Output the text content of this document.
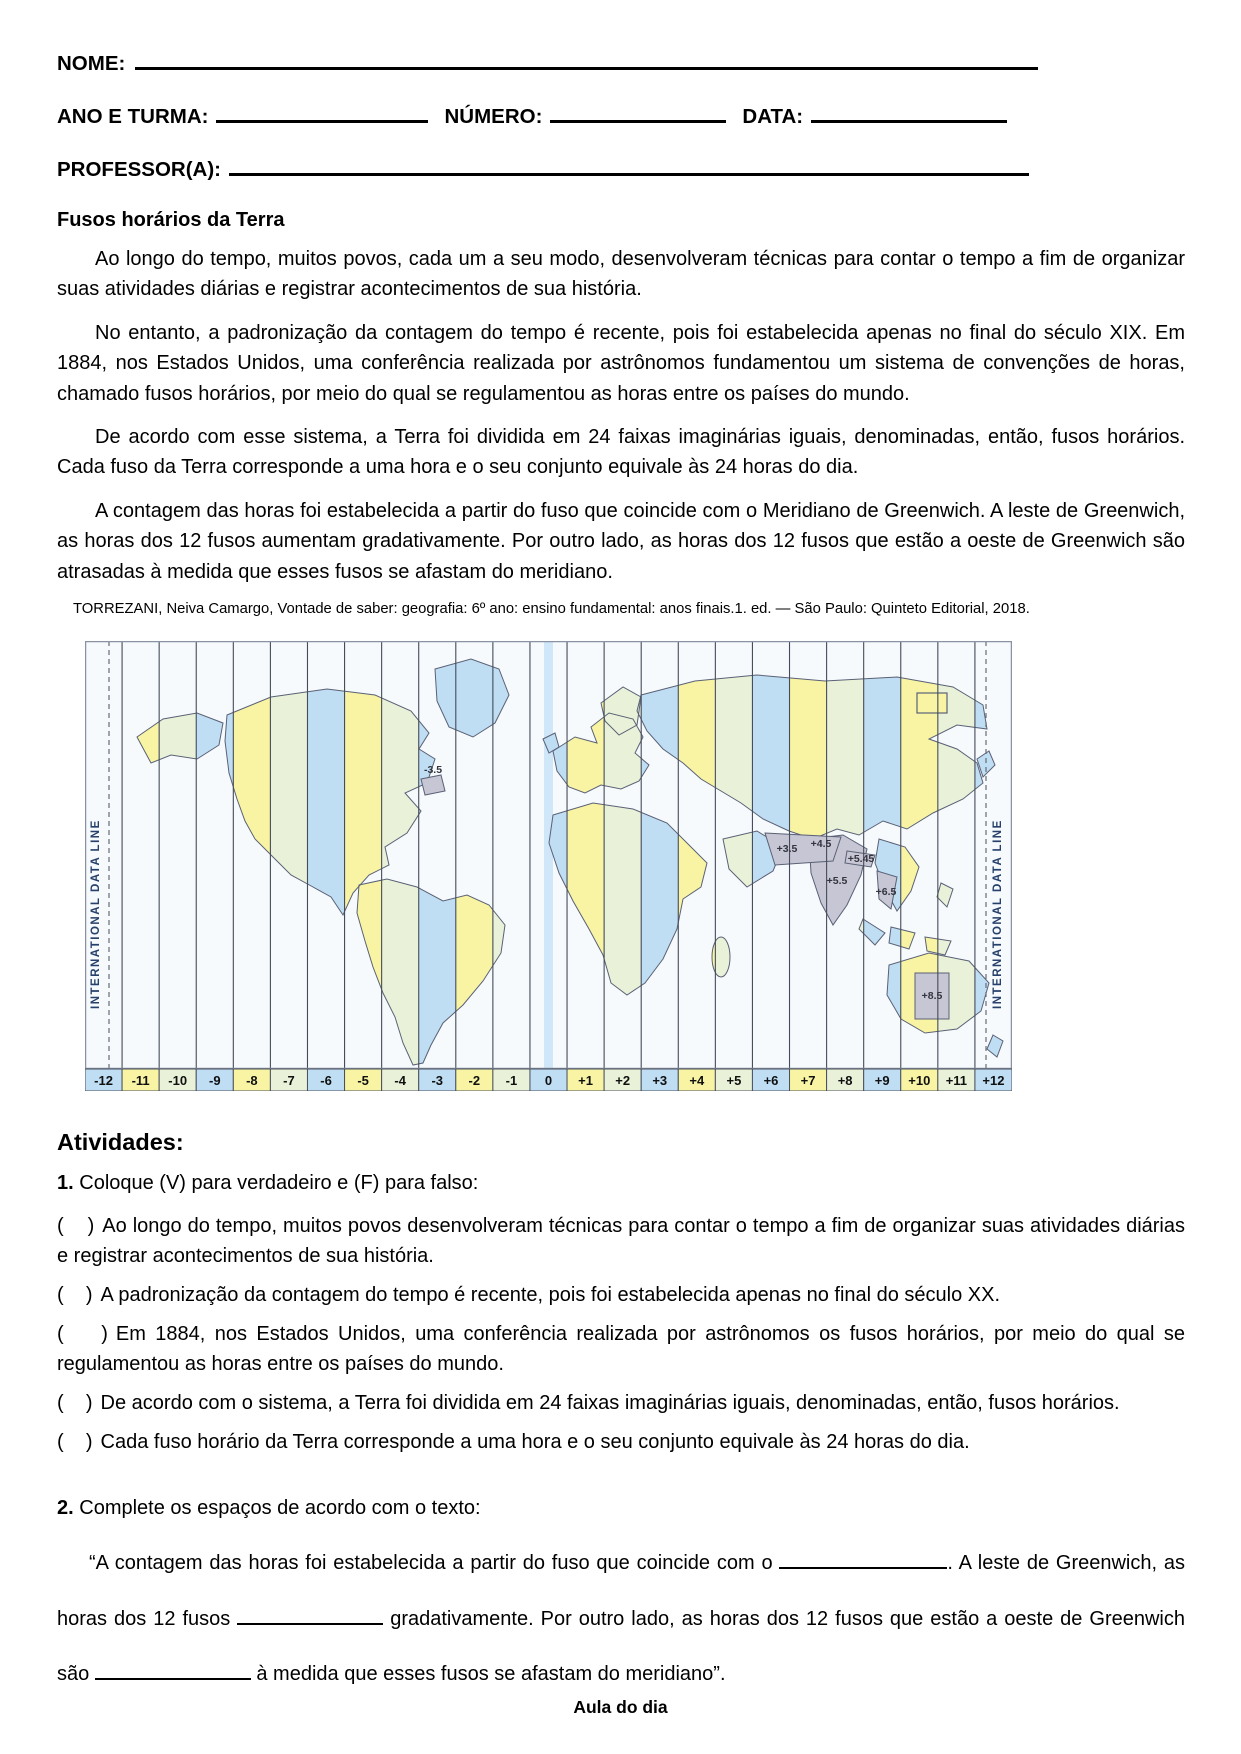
NOME:
ANO E TURMA:	NÚMERO:	DATA:
PROFESSOR(A):
Fusos horários da Terra

Ao longo do tempo, muitos povos, cada um a seu modo, desenvolveram técnicas para contar o tempo a fim de organizar suas atividades diárias e registrar acontecimentos de sua história.

No entanto, a padronização da contagem do tempo é recente, pois foi estabelecida apenas no final do século XIX. Em 1884, nos Estados Unidos, uma conferência realizada por astrônomos fundamentou um sistema de convenções de horas, chamado fusos horários, por meio do qual se regulamentou as horas entre os países do mundo.

De acordo com esse sistema, a Terra foi dividida em 24 faixas imaginárias iguais, denominadas, então, fusos horários. Cada fuso da Terra corresponde a uma hora e o seu conjunto equivale às 24 horas do dia.

A contagem das horas foi estabelecida a partir do fuso que coincide com o Meridiano de Greenwich. A leste de Greenwich, as horas dos 12 fusos aumentam gradativamente. Por outro lado, as horas dos 12 fusos que estão a oeste de Greenwich são atrasadas à medida que esses fusos se afastam do meridiano.

TORREZANI, Neiva Camargo, Vontade de saber: geografia: 6º ano: ensino fundamental: anos finais.1. ed. — São Paulo: Quinteto Editorial, 2018.
INTERNATIONAL DATA LINE	INTERNATIONAL DATA LINE
-3.5
+3.5 +4.5
+5.45
+5.5
+6.5
+8.5
-12 -11 -10 -9 -8 -7 -6 -5 -4 -3 -2 -1 0 +1 +2 +3 +4 +5 +6 +7 +8 +9 +10 +11 +12
Atividades:

1. Coloque (V) para verdadeiro e (F) para falso:

(    ) Ao longo do tempo, muitos povos desenvolveram técnicas para contar o tempo a fim de organizar suas atividades diárias e registrar acontecimentos de sua história.

(    ) A padronização da contagem do tempo é recente, pois foi estabelecida apenas no final do século XX.

(    ) Em 1884, nos Estados Unidos, uma conferência realizada por astrônomos os fusos horários, por meio do qual se regulamentou as horas entre os países do mundo.

(    ) De acordo com o sistema, a Terra foi dividida em 24 faixas imaginárias iguais, denominadas, então, fusos horários.

(    ) Cada fuso horário da Terra corresponde a uma hora e o seu conjunto equivale às 24 horas do dia.

2. Complete os espaços de acordo com o texto:

“A contagem das horas foi estabelecida a partir do fuso que coincide com o	. A leste de Greenwich, as horas dos 12 fusos	gradativamente. Por outro lado, as horas dos 12 fusos que estão a oeste de Greenwich são	à medida que esses fusos se afastam do meridiano”.

Aula do dia
